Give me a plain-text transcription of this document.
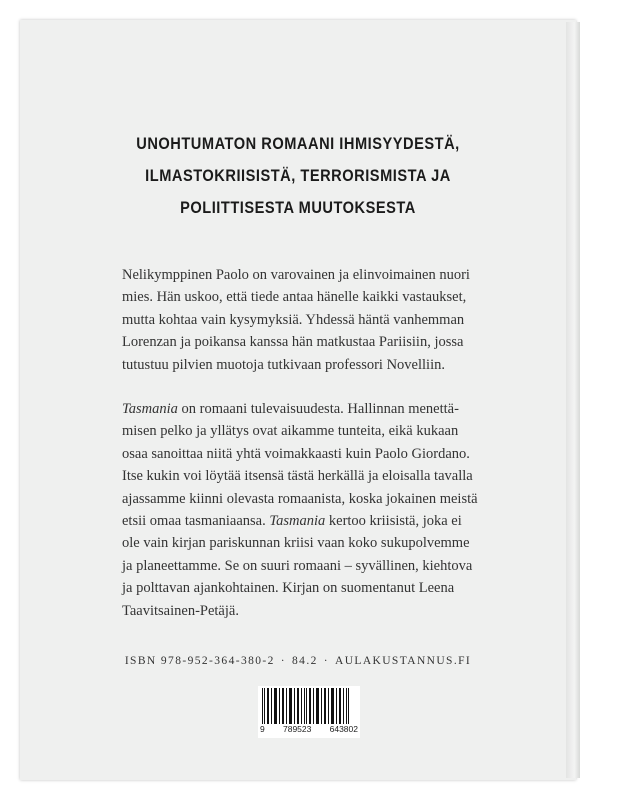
UNOHTUMATON ROMAANI IHMISYYDESTÄ,
ILMASTOKRIISISTÄ, TERRORISMISTA JA
POLIITTISESTA MUUTOKSESTA

Nelikymppinen Paolo on varovainen ja elinvoimainen nuori
mies. Hän uskoo, että tiede antaa hänelle kaikki vastaukset,
mutta kohtaa vain kysymyksiä. Yhdessä häntä vanhemman
Lorenzan ja poikansa kanssa hän matkustaa Pariisiin, jossa
tutustuu pilvien muotoja tutkivaan professori Novelliin.

Tasmania on romaani tulevaisuudesta. Hallinnan menettä-
misen pelko ja yllätys ovat aikamme tunteita, eikä kukaan
osaa sanoittaa niitä yhtä voimakkaasti kuin Paolo Giordano.
Itse kukin voi löytää itsensä tästä herkällä ja eloisalla tavalla
ajassamme kiinni olevasta romaanista, koska jokainen meistä
etsii omaa tasmaniaansa. Tasmania kertoo kriisistä, joka ei
ole vain kirjan pariskunnan kriisi vaan koko sukupolvemme
ja planeettamme. Se on suuri romaani – syvällinen, kiehtova
ja polttavan ajankohtainen. Kirjan on suomentanut Leena
Taavitsainen-Petäjä.

ISBN 978-952-364-380-2 · 84.2 · AULAKUSTANNUS.FI
9 789523 643802
